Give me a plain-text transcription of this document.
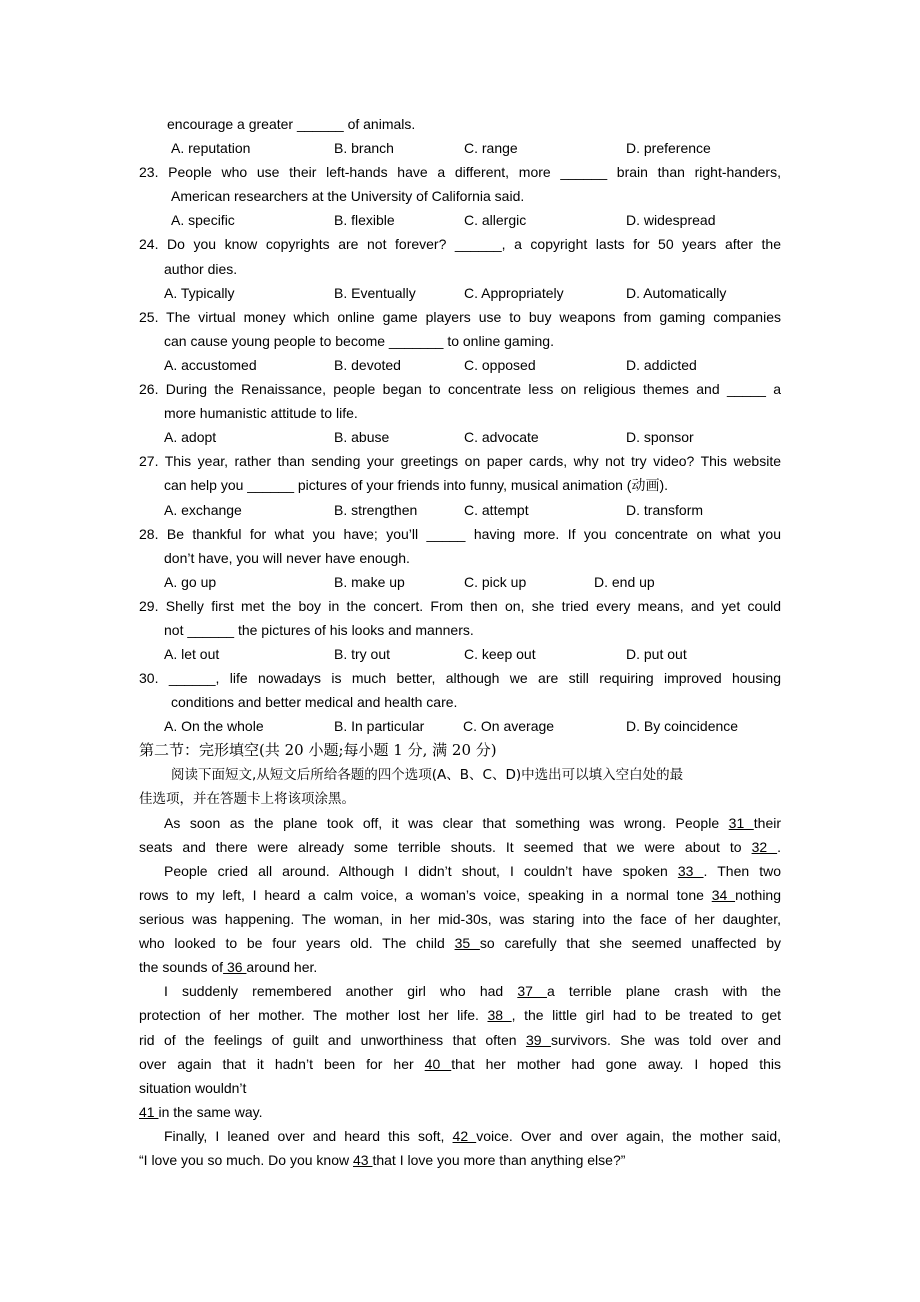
encourage a greater ______ of animals.
A. reputation	B. branch	C. range	D. preference
23. People who use their left-hands have a different, more ______ brain than right-handers,
American researchers at the University of California said.
A. specific	B. flexible	C. allergic	D. widespread
24. Do you know copyrights are not forever? ______, a copyright lasts for 50 years after the
author dies.
A. Typically	B. Eventually	C. Appropriately	D. Automatically
25. The virtual money which online game players use to buy weapons from gaming companies
can cause young people to become _______ to online gaming.
A. accustomed	B. devoted	C. opposed	D. addicted
26. During the Renaissance, people began to concentrate less on religious themes and _____ a
more humanistic attitude to life.
A. adopt	B. abuse	C. advocate	D. sponsor
27. This year, rather than sending your greetings on paper cards, why not try video? This website
can help you ______ pictures of your friends into funny, musical animation (动画).
A. exchange	B. strengthen	C. attempt	D. transform
28. Be thankful for what you have; you’ll _____ having more. If you concentrate on what you
don’t have, you will never have enough.
A. go up	B. make up	C. pick up	D. end up
29. Shelly first met the boy in the concert. From then on, she tried every means, and yet could
not ______ the pictures of his looks and manners.
A. let out	B. try out	C. keep out	D. put out
30. ______, life nowadays is much better, although we are still requiring improved housing
conditions and better medical and health care.
A. On the whole	B. In particular	C. On average	D. By coincidence
第二节：完形填空(共 20 小题;每小题 1 分, 满 20 分)
阅读下面短文,从短文后所给各题的四个选项(A、B、C、D)中选出可以填入空白处的最
佳选项，并在答题卡上将该项涂黑。
As soon as the plane took off, it was clear that something was wrong. People 31 their
seats and there were already some terrible shouts. It seemed that we were about to 32 .
People cried all around. Although I didn’t shout, I couldn’t have spoken 33 . Then two
rows to my left, I heard a calm voice, a woman’s voice, speaking in a normal tone 34 nothing
serious was happening. The woman, in her mid-30s, was staring into the face of her daughter,
who looked to be four years old. The child 35 so carefully that she seemed unaffected by
the sounds of 36 around her.
I suddenly remembered another girl who had 37 a terrible plane crash with the
protection of her mother. The mother lost her life. 38 , the little girl had to be treated to get
rid of the feelings of guilt and unworthiness that often 39 survivors. She was told over and
over again that it hadn’t been for her 40 that her mother had gone away. I hoped this
situation wouldn’t
41 in the same way.
Finally, I leaned over and heard this soft, 42 voice. Over and over again, the mother said,
“I love you so much. Do you know 43 that I love you more than anything else?”
